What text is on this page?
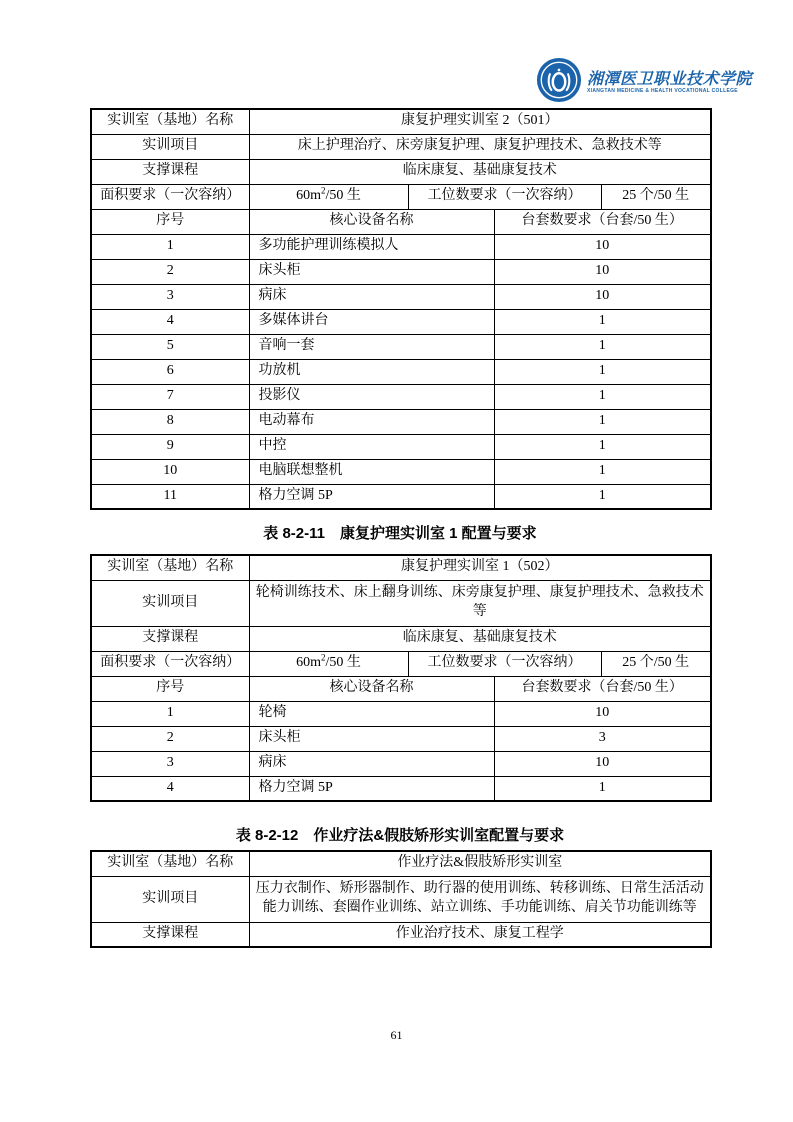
湘潭医卫职业技术学院
XIANGTAN MEDICINE & HEALTH VOCATIONAL COLLEGE
实训室（基地）名称	康复护理实训室 2（501）			
实训项目	床上护理治疗、床旁康复护理、康复护理技术、急救技术等			
支撑课程	临床康复、基础康复技术			
面积要求（一次容纳）	$60m^2/50$ 生	工位数要求（一次容纳）		25 个/50 生
序号	核心设备名称		台套数要求（台套/50 生）	
1	多功能护理训练模拟人		10	
2	床头柜		10	
3	病床		10	
4	多媒体讲台		1	
5	音响一套		1	
6	功放机		1	
7	投影仪		1	
8	电动幕布		1	
9	中控		1	
10	电脑联想整机		1	
11	格力空调 5P		1	
表 8-2-11　康复护理实训室 1 配置与要求
实训室（基地）名称	康复护理实训室 1（502）			
实训项目	轮椅训练技术、床上翻身训练、床旁康复护理、康复护理技术、急救技术等			
支撑课程	临床康复、基础康复技术			
面积要求（一次容纳）	$60m^2/50$ 生	工位数要求（一次容纳）		25 个/50 生
序号	核心设备名称		台套数要求（台套/50 生）	
1	轮椅		10	
2	床头柜		3	
3	病床		10	
4	格力空调 5P		1	
表 8-2-12　作业疗法&假肢矫形实训室配置与要求
实训室（基地）名称	作业疗法&假肢矫形实训室
实训项目	压力衣制作、矫形器制作、助行器的使用训练、转移训练、日常生活活动能力训练、套圈作业训练、站立训练、手功能训练、肩关节功能训练等
支撑课程	作业治疗技术、康复工程学
61
